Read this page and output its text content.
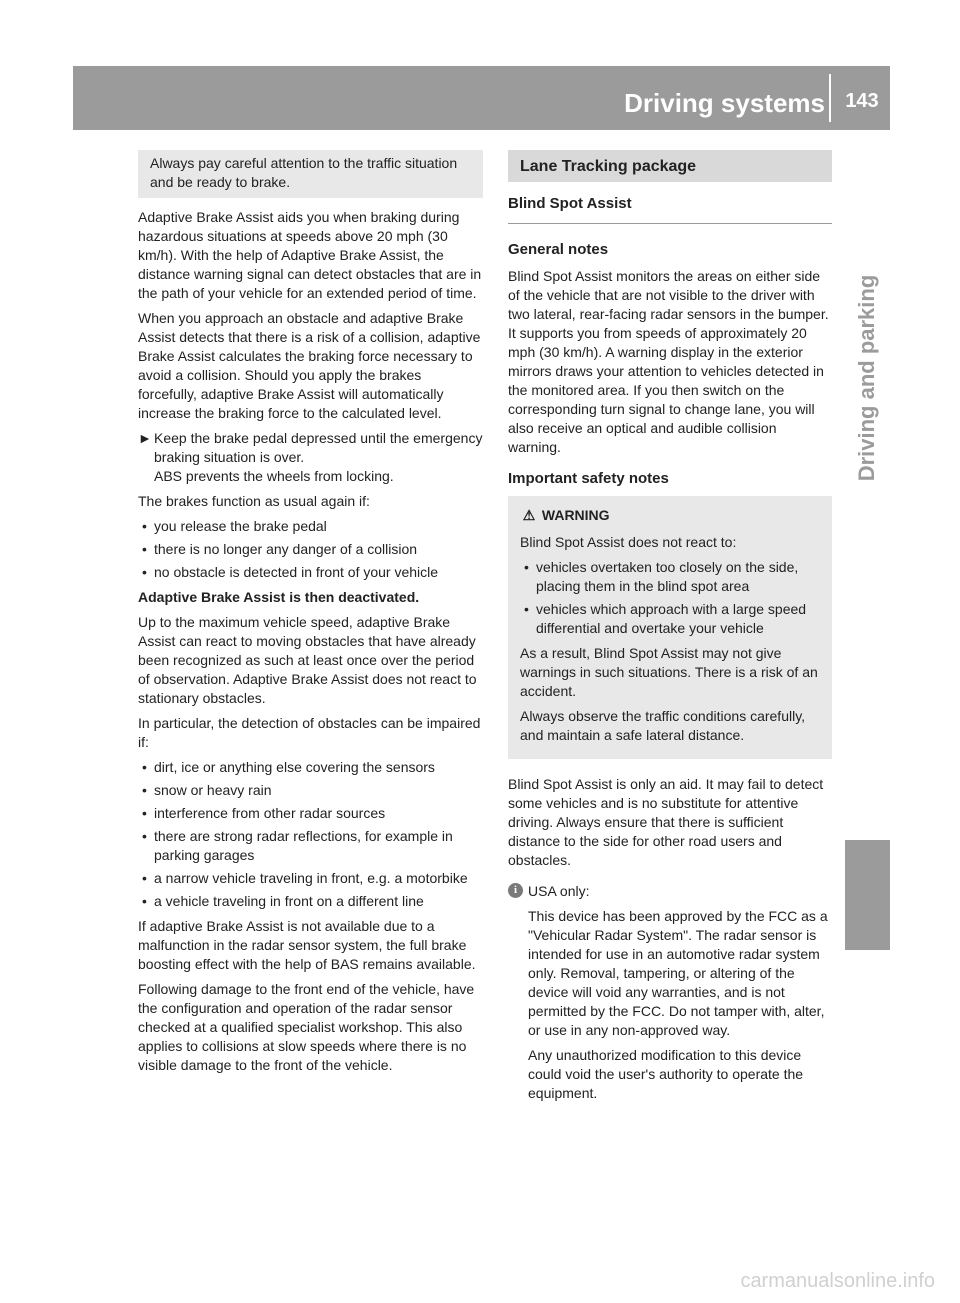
Driving systems 143
Driving and parking
Always pay careful attention to the traffic situation and be ready to brake.

Adaptive Brake Assist aids you when braking during hazardous situations at speeds above 20 mph (30 km/h). With the help of Adaptive Brake Assist, the distance warning signal can detect obstacles that are in the path of your vehicle for an extended period of time.

When you approach an obstacle and adaptive Brake Assist detects that there is a risk of a collision, adaptive Brake Assist calculates the braking force necessary to avoid a collision. Should you apply the brakes forcefully, adaptive Brake Assist will automatically increase the braking force to the calculated level.

► Keep the brake pedal depressed until the emergency braking situation is over.
ABS prevents the wheels from locking.

The brakes function as usual again if:

• you release the brake pedal
• there is no longer any danger of a collision
• no obstacle is detected in front of your vehicle

Adaptive Brake Assist is then deactivated.

Up to the maximum vehicle speed, adaptive Brake Assist can react to moving obstacles that have already been recognized as such at least once over the period of observation. Adaptive Brake Assist does not react to stationary obstacles.

In particular, the detection of obstacles can be impaired if:

• dirt, ice or anything else covering the sensors
• snow or heavy rain
• interference from other radar sources
• there are strong radar reflections, for example in parking garages
• a narrow vehicle traveling in front, e.g. a motorbike
• a vehicle traveling in front on a different line

If adaptive Brake Assist is not available due to a malfunction in the radar sensor system, the full brake boosting effect with the help of BAS remains available.

Following damage to the front end of the vehicle, have the configuration and operation of the radar sensor checked at a qualified specialist workshop. This also applies to collisions at slow speeds where there is no visible damage to the front of the vehicle.

Lane Tracking package
Blind Spot Assist
General notes

Blind Spot Assist monitors the areas on either side of the vehicle that are not visible to the driver with two lateral, rear-facing radar sensors in the bumper. It supports you from speeds of approximately 20 mph (30 km/h). A warning display in the exterior mirrors draws your attention to vehicles detected in the monitored area. If you then switch on the corresponding turn signal to change lane, you will also receive an optical and audible collision warning.

Important safety notes
⚠ WARNING

Blind Spot Assist does not react to:

• vehicles overtaken too closely on the side, placing them in the blind spot area
• vehicles which approach with a large speed differential and overtake your vehicle

As a result, Blind Spot Assist may not give warnings in such situations. There is a risk of an accident.

Always observe the traffic conditions carefully, and maintain a safe lateral distance.

Blind Spot Assist is only an aid. It may fail to detect some vehicles and is no substitute for attentive driving. Always ensure that there is sufficient distance to the side for other road users and obstacles.

i USA only:

This device has been approved by the FCC as a "Vehicular Radar System". The radar sensor is intended for use in an automotive radar system only. Removal, tampering, or altering of the device will void any warranties, and is not permitted by the FCC. Do not tamper with, alter, or use in any non-approved way.

Any unauthorized modification to this device could void the user's authority to operate the equipment.

carmanualsonline.info
